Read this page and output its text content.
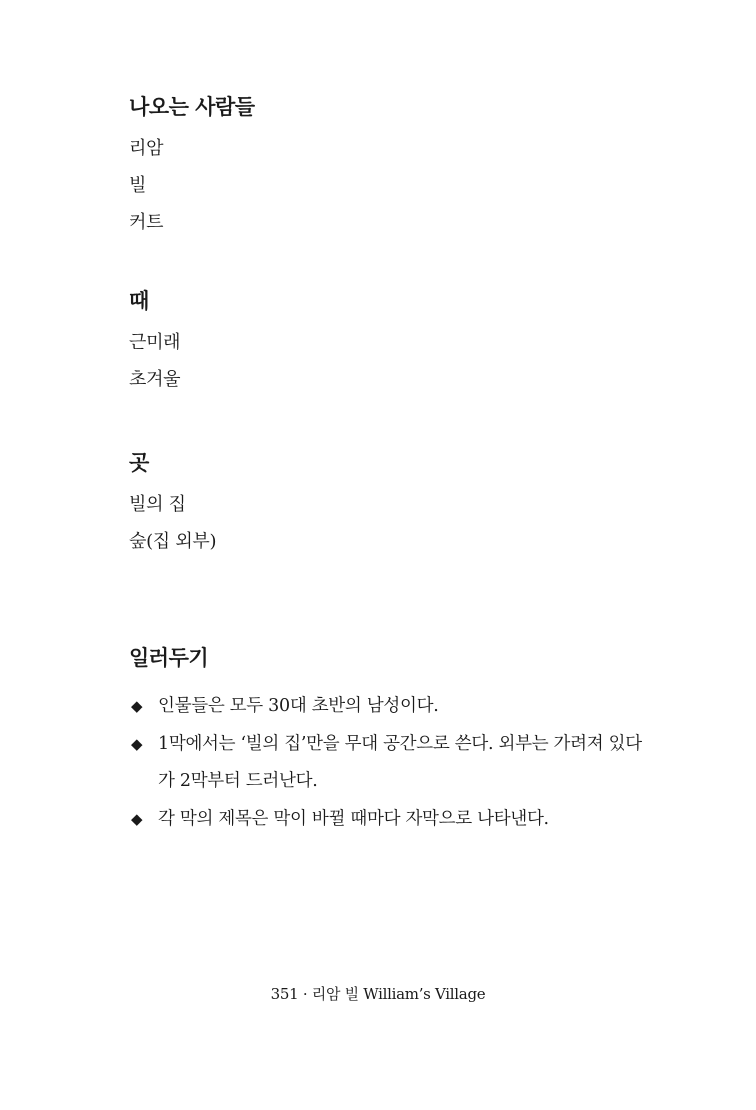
나오는 사람들
리암
빌
커트
때
근미래
초겨울
곳
빌의 집
숲(집 외부)
일러두기
◆ 인물들은 모두 30대 초반의 남성이다.
◆ 1막에서는 ‘빌의 집’만을 무대 공간으로 쓴다. 외부는 가려져 있다가 2막부터 드러난다.
◆ 각 막의 제목은 막이 바뀔 때마다 자막으로 나타낸다.
351 · 리암 빌 William’s Village
